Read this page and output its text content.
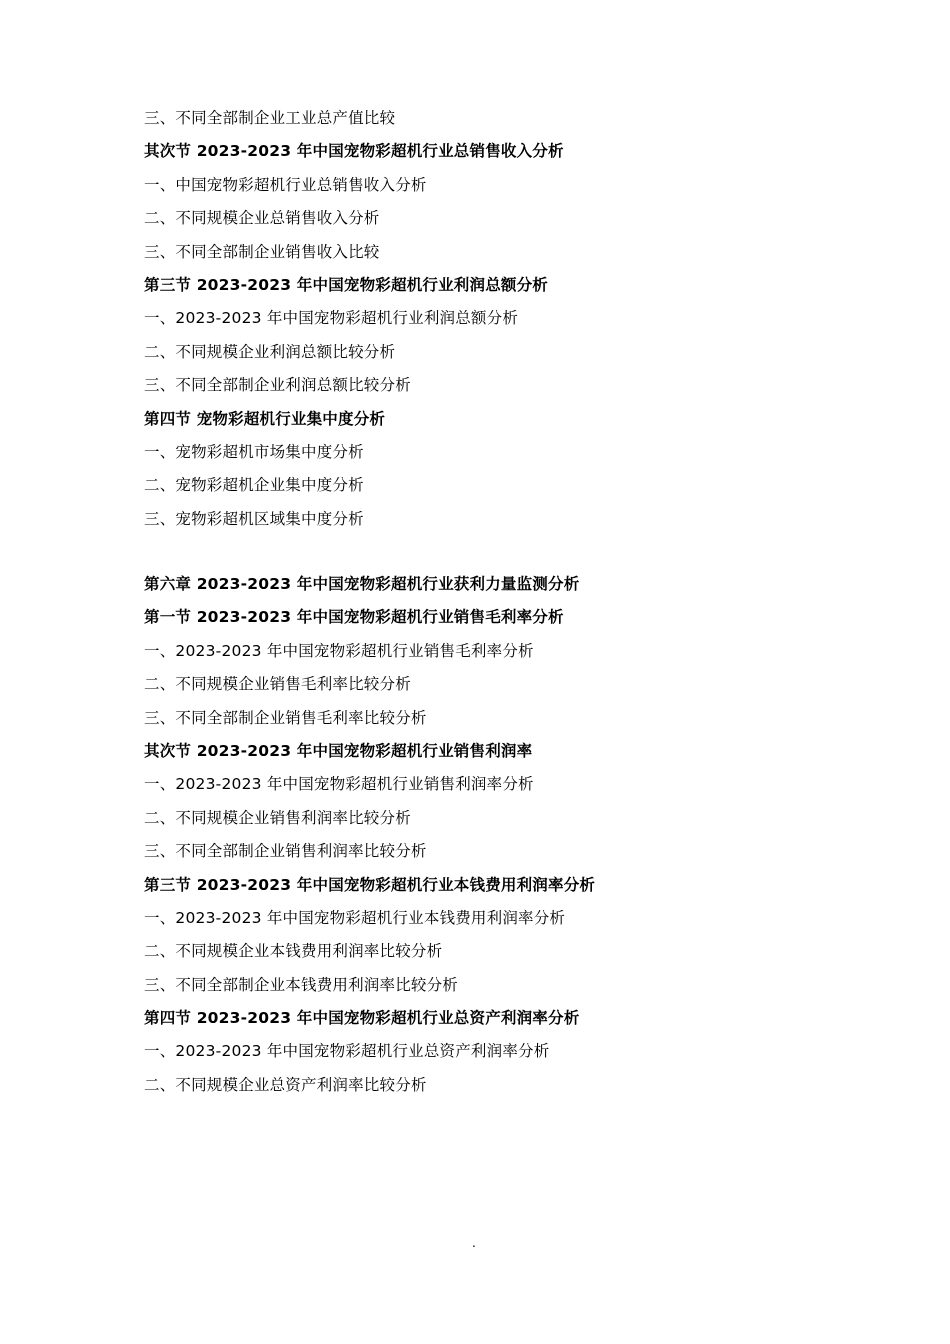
三、不同全部制企业工业总产值比较
其次节 2023-2023 年中国宠物彩超机行业总销售收入分析
一、中国宠物彩超机行业总销售收入分析
二、不同规模企业总销售收入分析
三、不同全部制企业销售收入比较
第三节 2023-2023 年中国宠物彩超机行业利润总额分析
一、2023-2023 年中国宠物彩超机行业利润总额分析
二、不同规模企业利润总额比较分析
三、不同全部制企业利润总额比较分析
第四节 宠物彩超机行业集中度分析
一、宠物彩超机市场集中度分析
二、宠物彩超机企业集中度分析
三、宠物彩超机区域集中度分析
第六章 2023-2023 年中国宠物彩超机行业获利力量监测分析
第一节 2023-2023 年中国宠物彩超机行业销售毛利率分析
一、2023-2023 年中国宠物彩超机行业销售毛利率分析
二、不同规模企业销售毛利率比较分析
三、不同全部制企业销售毛利率比较分析
其次节 2023-2023 年中国宠物彩超机行业销售利润率
一、2023-2023 年中国宠物彩超机行业销售利润率分析
二、不同规模企业销售利润率比较分析
三、不同全部制企业销售利润率比较分析
第三节 2023-2023 年中国宠物彩超机行业本钱费用利润率分析
一、2023-2023 年中国宠物彩超机行业本钱费用利润率分析
二、不同规模企业本钱费用利润率比较分析
三、不同全部制企业本钱费用利润率比较分析
第四节 2023-2023 年中国宠物彩超机行业总资产利润率分析
一、2023-2023 年中国宠物彩超机行业总资产利润率分析
二、不同规模企业总资产利润率比较分析
.
